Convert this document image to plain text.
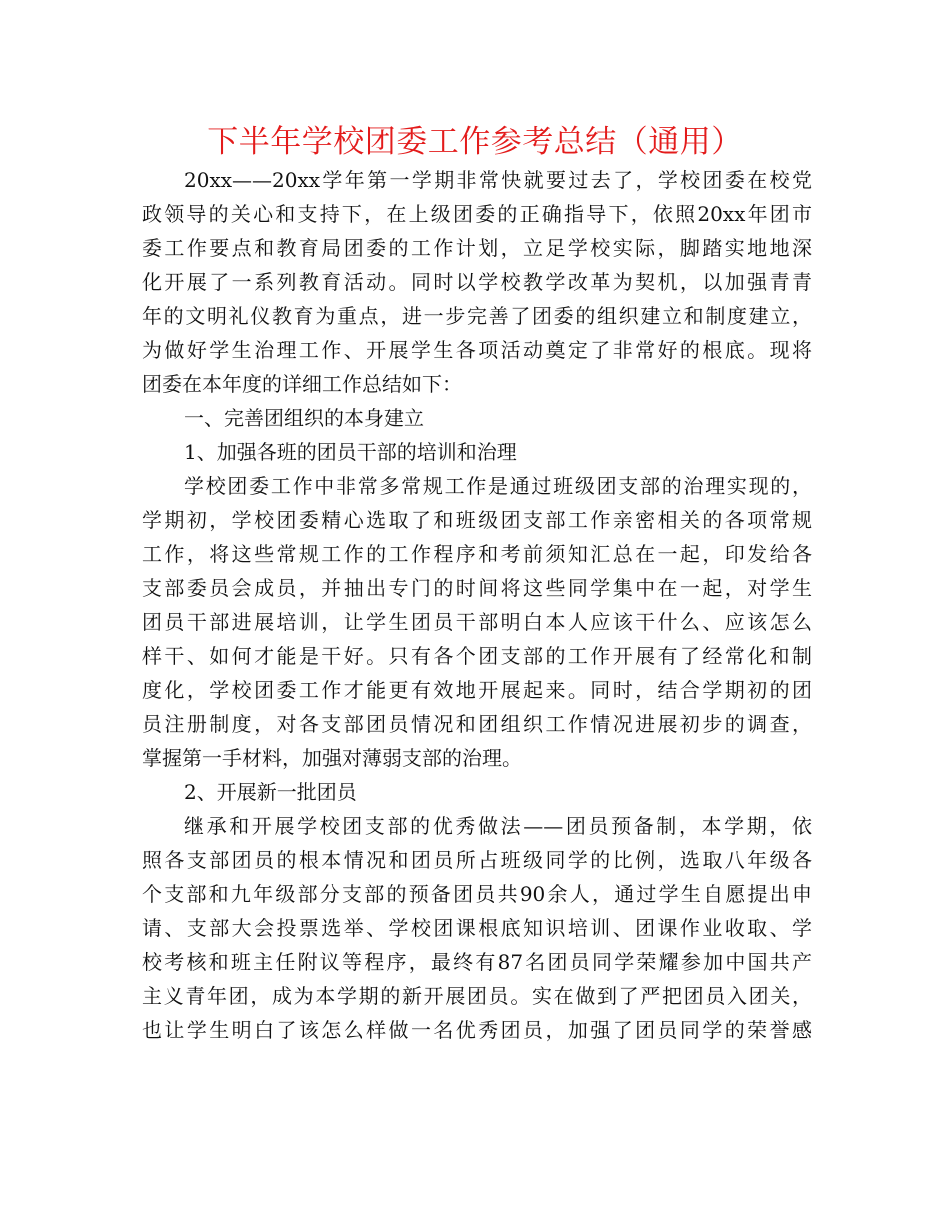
下半年学校团委工作参考总结（通用）
20xx——20xx学年第一学期非常快就要过去了，学校团委在校党
政领导的关心和支持下，在上级团委的正确指导下，依照20xx年团市
委工作要点和教育局团委的工作计划，立足学校实际，脚踏实地地深
化开展了一系列教育活动。同时以学校教学改革为契机，以加强青青
年的文明礼仪教育为重点，进一步完善了团委的组织建立和制度建立，
为做好学生治理工作、开展学生各项活动奠定了非常好的根底。现将
团委在本年度的详细工作总结如下：
一、完善团组织的本身建立
1、加强各班的团员干部的培训和治理
学校团委工作中非常多常规工作是通过班级团支部的治理实现的，
学期初，学校团委精心选取了和班级团支部工作亲密相关的各项常规
工作，将这些常规工作的工作程序和考前须知汇总在一起，印发给各
支部委员会成员，并抽出专门的时间将这些同学集中在一起，对学生
团员干部进展培训，让学生团员干部明白本人应该干什么、应该怎么
样干、如何才能是干好。只有各个团支部的工作开展有了经常化和制
度化，学校团委工作才能更有效地开展起来。同时，结合学期初的团
员注册制度，对各支部团员情况和团组织工作情况进展初步的调查，
掌握第一手材料，加强对薄弱支部的治理。
2、开展新一批团员
继承和开展学校团支部的优秀做法——团员预备制，本学期，依
照各支部团员的根本情况和团员所占班级同学的比例，选取八年级各
个支部和九年级部分支部的预备团员共90余人，通过学生自愿提出申
请、支部大会投票选举、学校团课根底知识培训、团课作业收取、学
校考核和班主任附议等程序，最终有87名团员同学荣耀参加中国共产
主义青年团，成为本学期的新开展团员。实在做到了严把团员入团关，
也让学生明白了该怎么样做一名优秀团员，加强了团员同学的荣誉感
